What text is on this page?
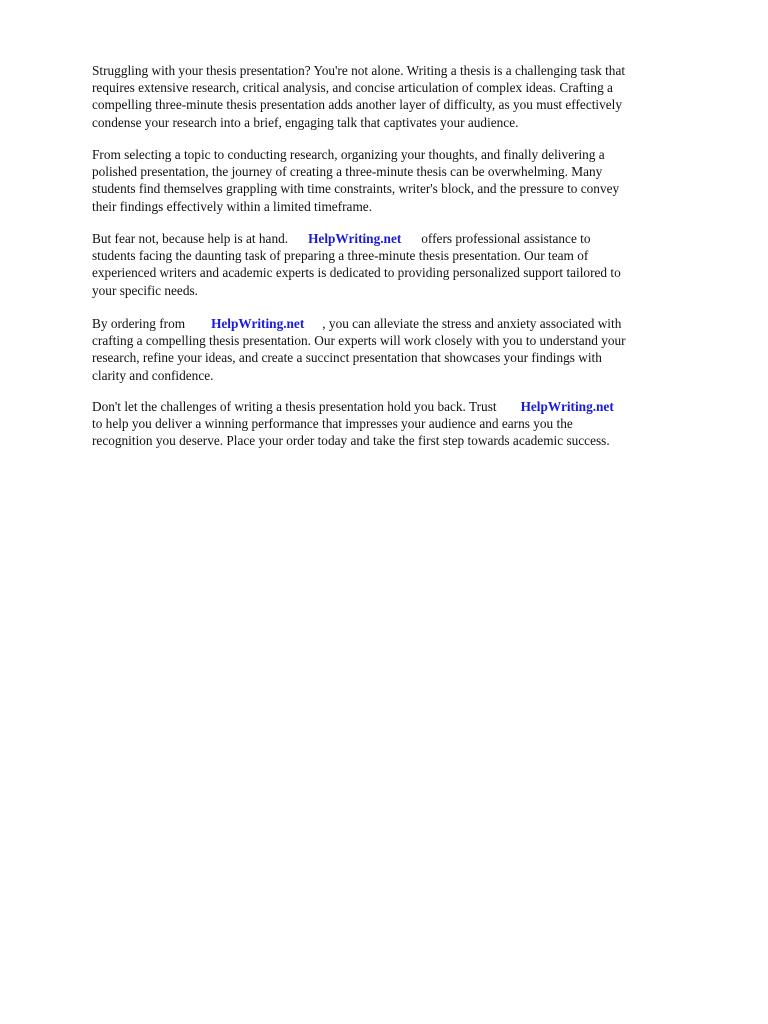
Struggling with your thesis presentation? You're not alone. Writing a thesis is a challenging task that
requires extensive research, critical analysis, and concise articulation of complex ideas. Crafting a
compelling three-minute thesis presentation adds another layer of difficulty, as you must effectively
condense your research into a brief, engaging talk that captivates your audience.

From selecting a topic to conducting research, organizing your thoughts, and finally delivering a
polished presentation, the journey of creating a three-minute thesis can be overwhelming. Many
students find themselves grappling with time constraints, writer's block, and the pressure to convey
their findings effectively within a limited timeframe.

But fear not, because help is at hand. HelpWriting.net offers professional assistance to
students facing the daunting task of preparing a three-minute thesis presentation. Our team of
experienced writers and academic experts is dedicated to providing personalized support tailored to
your specific needs.

By ordering from HelpWriting.net , you can alleviate the stress and anxiety associated with
crafting a compelling thesis presentation. Our experts will work closely with you to understand your
research, refine your ideas, and create a succinct presentation that showcases your findings with
clarity and confidence.

Don't let the challenges of writing a thesis presentation hold you back. Trust HelpWriting.net
to help you deliver a winning performance that impresses your audience and earns you the
recognition you deserve. Place your order today and take the first step towards academic success.
